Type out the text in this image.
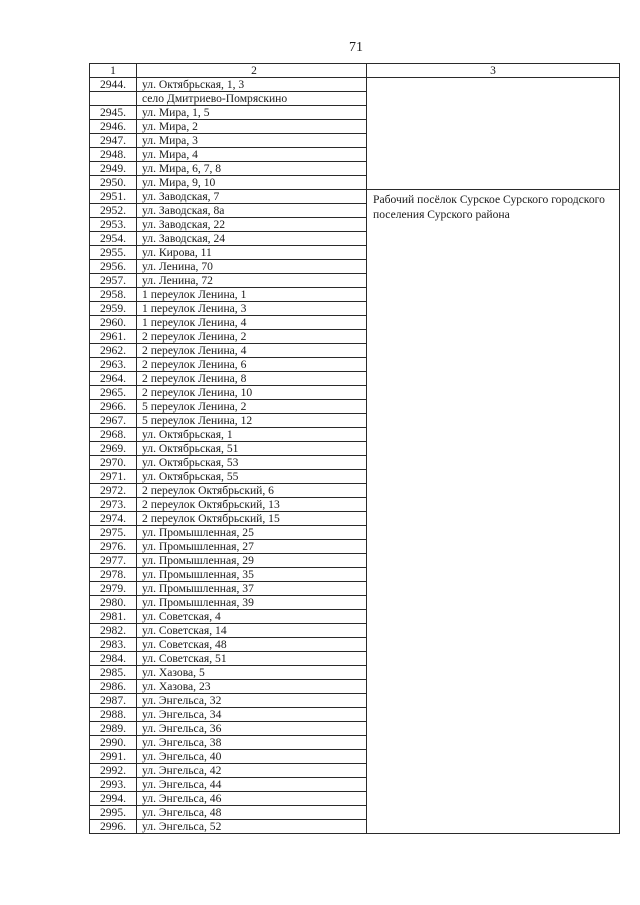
71
1	2	3
2944.	ул. Октябрьская, 1, 3	
	село Дмитриево-Помряскино	
2945.	ул. Мира, 1, 5	
2946.	ул. Мира, 2	
2947.	ул. Мира, 3	
2948.	ул. Мира, 4	
2949.	ул. Мира, 6, 7, 8	
2950.	ул. Мира, 9, 10	
2951.	ул. Заводская, 7	Рабочий посёлок Сурское Сурского городского поселения Сурского района
2952.	ул. Заводская, 8а	
2953.	ул. Заводская, 22	
2954.	ул. Заводская, 24	
2955.	ул. Кирова, 11	
2956.	ул. Ленина, 70	
2957.	ул. Ленина, 72	
2958.	1 переулок Ленина, 1	
2959.	1 переулок Ленина, 3	
2960.	1 переулок Ленина, 4	
2961.	2 переулок Ленина, 2	
2962.	2 переулок Ленина, 4	
2963.	2 переулок Ленина, 6	
2964.	2 переулок Ленина, 8	
2965.	2 переулок Ленина, 10	
2966.	5 переулок Ленина, 2	
2967.	5 переулок Ленина, 12	
2968.	ул. Октябрьская, 1	
2969.	ул. Октябрьская, 51	
2970.	ул. Октябрьская, 53	
2971.	ул. Октябрьская, 55	
2972.	2 переулок Октябрьский, 6	
2973.	2 переулок Октябрьский, 13	
2974.	2 переулок Октябрьский, 15	
2975.	ул. Промышленная, 25	
2976.	ул. Промышленная, 27	
2977.	ул. Промышленная, 29	
2978.	ул. Промышленная, 35	
2979.	ул. Промышленная, 37	
2980.	ул. Промышленная, 39	
2981.	ул. Советская, 4	
2982.	ул. Советская, 14	
2983.	ул. Советская, 48	
2984.	ул. Советская, 51	
2985.	ул. Хазова, 5	
2986.	ул. Хазова, 23	
2987.	ул. Энгельса, 32	
2988.	ул. Энгельса, 34	
2989.	ул. Энгельса, 36	
2990.	ул. Энгельса, 38	
2991.	ул. Энгельса, 40	
2992.	ул. Энгельса, 42	
2993.	ул. Энгельса, 44	
2994.	ул. Энгельса, 46	
2995.	ул. Энгельса, 48	
2996.	ул. Энгельса, 52	
